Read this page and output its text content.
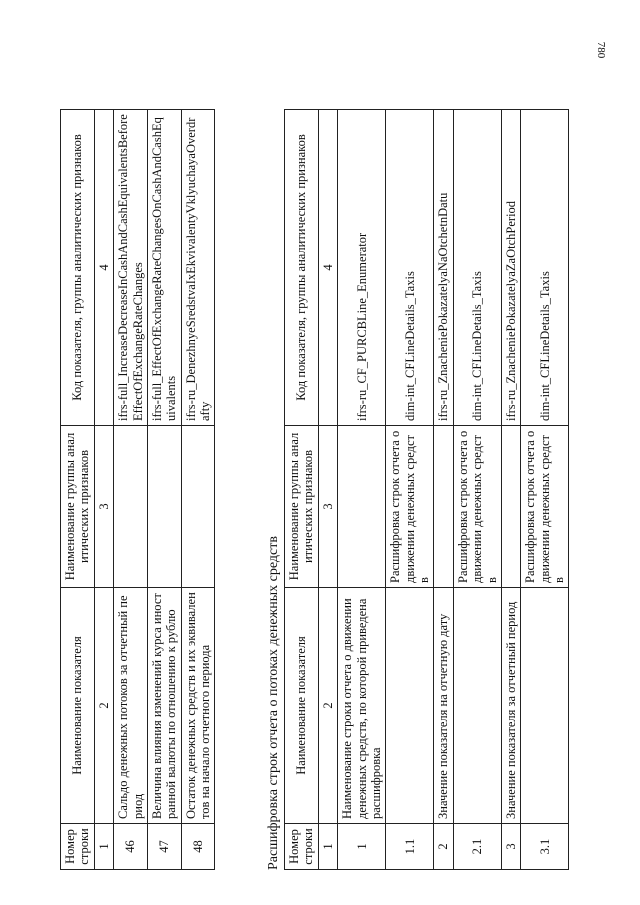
780
Номер строки	Наименование показателя	Наименование группы аналитических признаков	Код показателя, группы аналитических признаков
1	2	3	4
46	Сальдо денежных потоков за отчетный период		ifrs-full_IncreaseDecreaseInCashAndCashEquivalentsBeforeEffectOfExchangeRateChanges
47	Величина влияния изменений курса иностранной валюты по отношению к рублю		ifrs-full_EffectOfExchangeRateChangesOnCashAndCashEquivalents
48	Остаток денежных средств и их эквивалентов на начало отчетного периода		ifrs-ru_DenezhnyeSredstvaIxEkvivalentyVklyuchayaOverdrafty
Расшифровка строк отчета о потоках денежных средств Номер строки	Наименование показателя	Наименование группы аналитических признаков	Код показателя, группы аналитических признаков
1	2	3	4
1	Наименование строки отчета о движении денежных средств, по которой приведена расшифровка		ifrs-ru_CF_PURCBLine_Enumerator
1.1		Расшифровка строк отчета о движении денежных средств	dim-int_CFLineDetails_Taxis
2	Значение показателя на отчетную дату		ifrs-ru_ZnacheniePokazatelyaNaOtchetnDatu
2.1		Расшифровка строк отчета о движении денежных средств	dim-int_CFLineDetails_Taxis
3	Значение показателя за отчетный период		ifrs-ru_ZnacheniePokazatelyaZaOtchPeriod
3.1		Расшифровка строк отчета о движении денежных средств	dim-int_CFLineDetails_Taxis
